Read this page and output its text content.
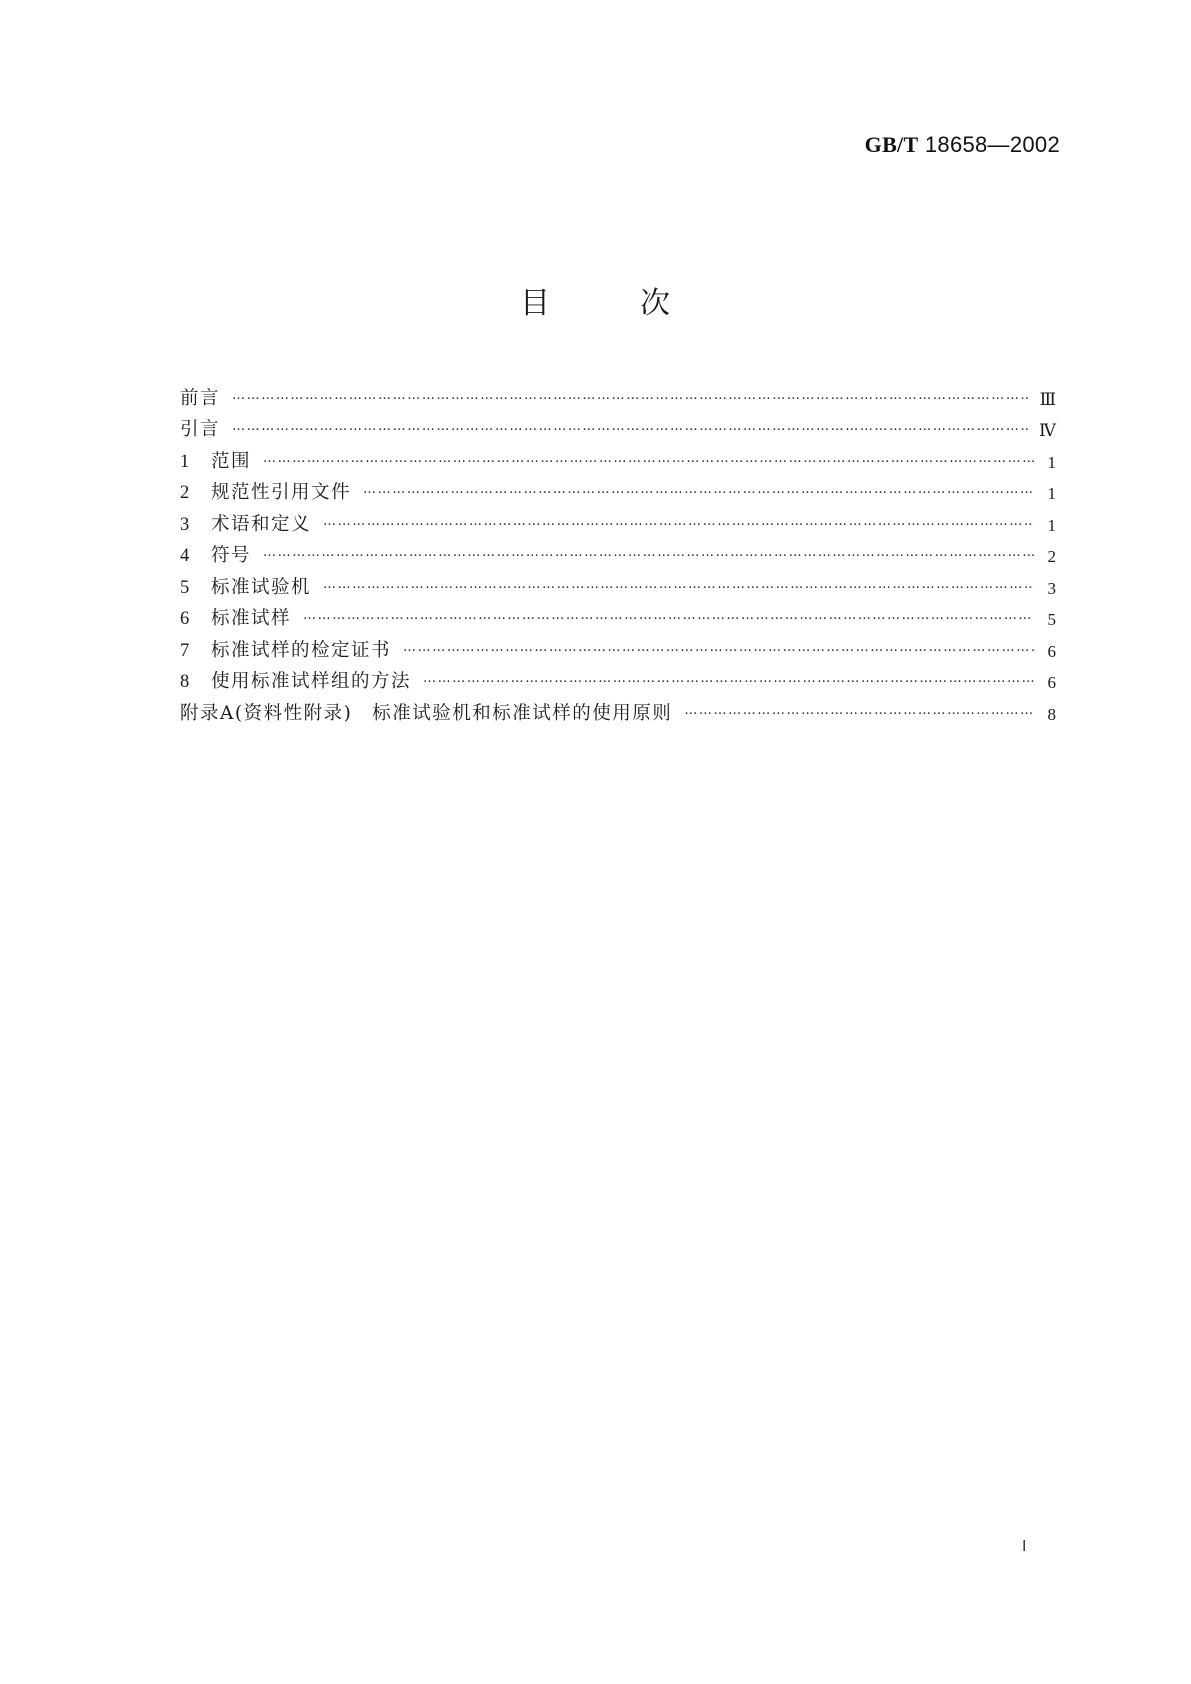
GB/T 18658—2002
目	次
前言 ……………………………………………………………………………………………………………………………………………………………………………………………………………	Ⅲ
引言 ……………………………………………………………………………………………………………………………………………………………………………………………………………	Ⅳ
1	范围 ……………………………………………………………………………………………………………………………………………………………………………………………………………	1
2	规范性引用文件 ……………………………………………………………………………………………………………………………………………………………………………………………………………	1
3	术语和定义 ……………………………………………………………………………………………………………………………………………………………………………………………………………	1
4	符号 ……………………………………………………………………………………………………………………………………………………………………………………………………………	2
5	标准试验机 ……………………………………………………………………………………………………………………………………………………………………………………………………………	3
6	标准试样 ……………………………………………………………………………………………………………………………………………………………………………………………………………	5
7	标准试样的检定证书 ……………………………………………………………………………………………………………………………………………………………………………………………………………	6
8	使用标准试样组的方法 ……………………………………………………………………………………………………………………………………………………………………………………………………………	6
附录A(资料性附录)　标准试验机和标准试样的使用原则 ……………………………………………………………………………………………………………………………………………………………………………………………………………	8
Ⅰ
